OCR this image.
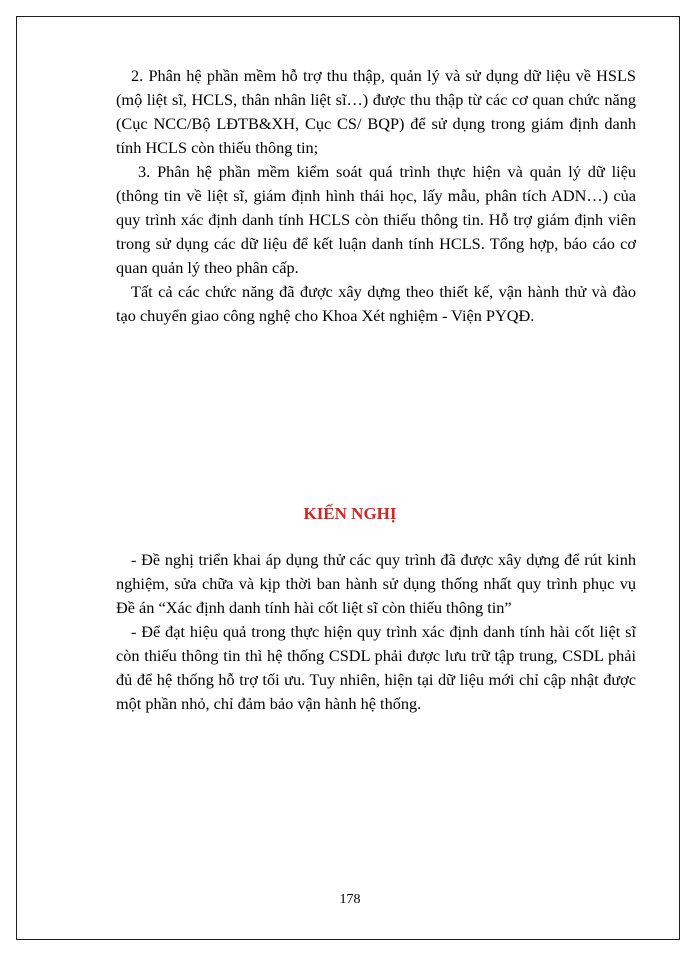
2. Phân hệ phần mềm hỗ trợ thu thập, quản lý và sử dụng dữ liệu về HSLS (mộ liệt sĩ, HCLS, thân nhân liệt sĩ…) được thu thập từ các cơ quan chức năng (Cục NCC/Bộ LĐTB&XH, Cục CS/ BQP) để sử dụng trong giám định danh tính HCLS còn thiếu thông tin;

3. Phân hệ phần mềm kiểm soát quá trình thực hiện và quản lý dữ liệu (thông tin về liệt sĩ, giám định hình thái học, lấy mẫu, phân tích ADN…) của quy trình xác định danh tính HCLS còn thiếu thông tin. Hỗ trợ giám định viên trong sử dụng các dữ liệu để kết luận danh tính HCLS. Tổng hợp, báo cáo cơ quan quản lý theo phân cấp.

Tất cả các chức năng đã được xây dựng theo thiết kế, vận hành thử và đào tạo chuyển giao công nghệ cho Khoa Xét nghiệm - Viện PYQĐ.

KIẾN NGHỊ

- Đề nghị triển khai áp dụng thử các quy trình đã được xây dựng để rút kinh nghiệm, sửa chữa và kịp thời ban hành sử dụng thống nhất quy trình phục vụ Đề án “Xác định danh tính hài cốt liệt sĩ còn thiếu thông tin”

- Để đạt hiệu quả trong thực hiện quy trình xác định danh tính hài cốt liệt sĩ còn thiếu thông tin thì hệ thống CSDL phải được lưu trữ tập trung, CSDL phải đủ để hệ thống hỗ trợ tối ưu. Tuy nhiên, hiện tại dữ liệu mới chỉ cập nhật được một phần nhỏ, chỉ đảm bảo vận hành hệ thống.

178
